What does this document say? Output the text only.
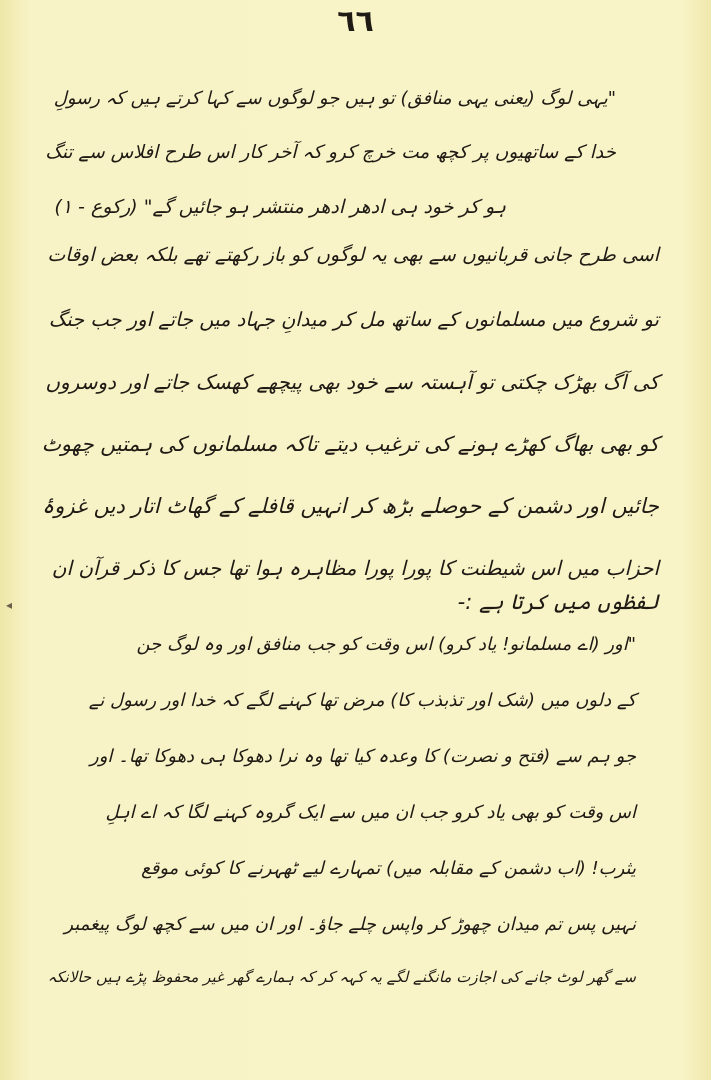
٦٦
"یہی لوگ (یعنی یہی منافق) تو ہیں جو لوگوں سے کہا کرتے ہیں کہ رسولِ
خدا کے ساتھیوں پر کچھ مت خرچ کرو کہ آخر کار اس طرح افلاس سے تنگ
ہو کر خود ہی ادھر ادھر منتشر ہو جائیں گے" (رکوع - ۱)
اسی طرح جانی قربانیوں سے بھی یہ لوگوں کو باز رکھتے تھے بلکہ بعض اوقات
تو شروع میں مسلمانوں کے ساتھ مل کر میدانِ جہاد میں جاتے اور جب جنگ
کی آگ بھڑک چکتی تو آہستہ سے خود بھی پیچھے کھسک جاتے اور دوسروں
کو بھی بھاگ کھڑے ہونے کی ترغیب دیتے تاکہ مسلمانوں کی ہمتیں چھوٹ
جائیں اور دشمن کے حوصلے بڑھ کر انہیں قافلے کے گھاٹ اتار دیں غزوۂ
احزاب میں اس شیطنت کا پورا پورا مظاہرہ ہوا تھا جس کا ذکر قرآن ان
لفظوں میں کرتا ہے :-
"اور (اے مسلمانو! یاد کرو) اس وقت کو جب منافق اور وہ لوگ جن
کے دلوں میں (شک اور تذبذب کا) مرض تھا کہنے لگے کہ خدا اور رسول نے
جو ہم سے (فتح و نصرت) کا وعدہ کیا تھا وہ نرا دھوکا ہی دھوکا تھا۔ اور
اس وقت کو بھی یاد کرو جب ان میں سے ایک گروہ کہنے لگا کہ اے اہلِ
یثرب! (اب دشمن کے مقابلہ میں) تمہارے لیے ٹھہرنے کا کوئی موقع
نہیں پس تم میدان چھوڑ کر واپس چلے جاؤ۔ اور ان میں سے کچھ لوگ پیغمبر
سے گھر لوٹ جانے کی اجازت مانگنے لگے یہ کہہ کر کہ ہمارے گھر غیر محفوظ پڑے ہیں حالانکہ
◂
